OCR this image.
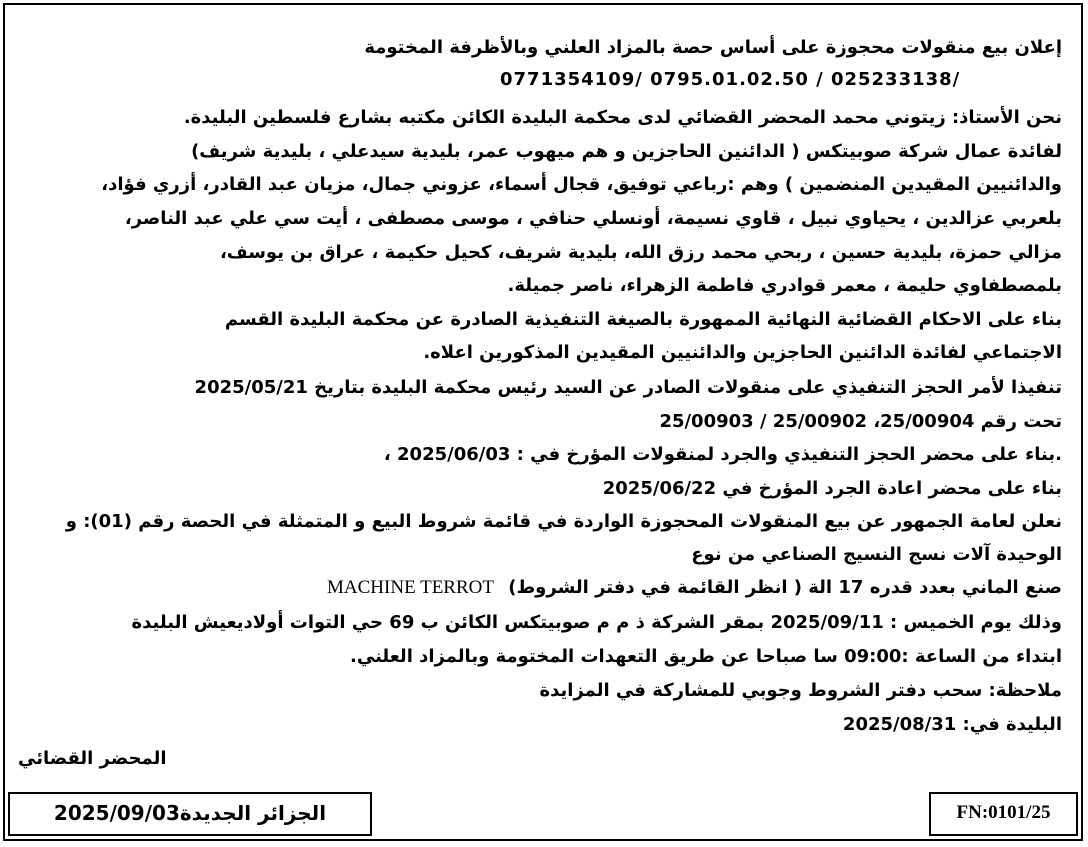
إعلان بيع منقولات محجوزة على أساس حصة بالمزاد العلني وبالأظرفة المختومة
0771354109/ 0795.01.02.50 / 025233138/
نحن الأستاذ: زيتوني محمد المحضر القضائي لدى محكمة البليدة الكائن مكتبه بشارع فلسطين البليدة.
لفائدة عمال شركة صوبيتكس ( الدائنين الحاجزين و هم ميهوب عمر، بليدية سيدعلي ، بليدية شريف)
والدائنيين المقيدين المنضمين ) وهم :رباعي توفيق، قجال أسماء، عزوني جمال، مزيان عبد القادر، أزري فؤاد،
بلعربي عزالدين ، يحياوي نبيل ، قاوي نسيمة، أونسلي حنافي ، موسى مصطفى ، أيت سي علي عبد الناصر،
مزالي حمزة، بليدية حسين ، ربحي محمد رزق الله، بليدية شريف، كحيل حكيمة ، عراق بن يوسف،
بلمصطفاوي حليمة ، معمر قوادري فاطمة الزهراء، ناصر جميلة.
بناء على الاحكام القضائية النهائية الممهورة بالصيغة التنفيذية الصادرة عن محكمة البليدة القسم
الاجتماعي لفائدة الدائنين الحاجزين والدائنيين المقيدين المذكورين اعلاه.
تنفيذا لأمر الحجز التنفيذي على منقولات الصادر عن السيد رئيس محكمة البليدة بتاريخ 2025/05/21
تحت رقم 25/00904، 25/00902 / 25/00903
.بناء على محضر الحجز التنفيذي والجرد لمنقولات المؤرخ في : 2025/06/03 ،
بناء على محضر اعادة الجرد المؤرخ في 2025/06/22
نعلن لعامة الجمهور عن بيع المنقولات المحجوزة الواردة في قائمة شروط البيع و المتمثلة في الحصة رقم (01): و
الوحيدة آلات نسج النسيج الصناعي من نوع
صنع الماني بعدد قدره 17 الة ( انظر القائمة في دفتر الشروط) MACHINE TERROT
وذلك يوم الخميس : 2025/09/11 بمقر الشركة ذ م م صوبيتكس الكائن ب 69 حي التوات أولاديعيش البليدة
ابتداء من الساعة :09:00 سا صباحا عن طريق التعهدات المختومة وبالمزاد العلني.
ملاحظة: سحب دفتر الشروط وجوبي للمشاركة في المزايدة
البليدة في: 2025/08/31
المحضر القضائي
الجزائر الجديدة2025/09/03	FN:0101/25
